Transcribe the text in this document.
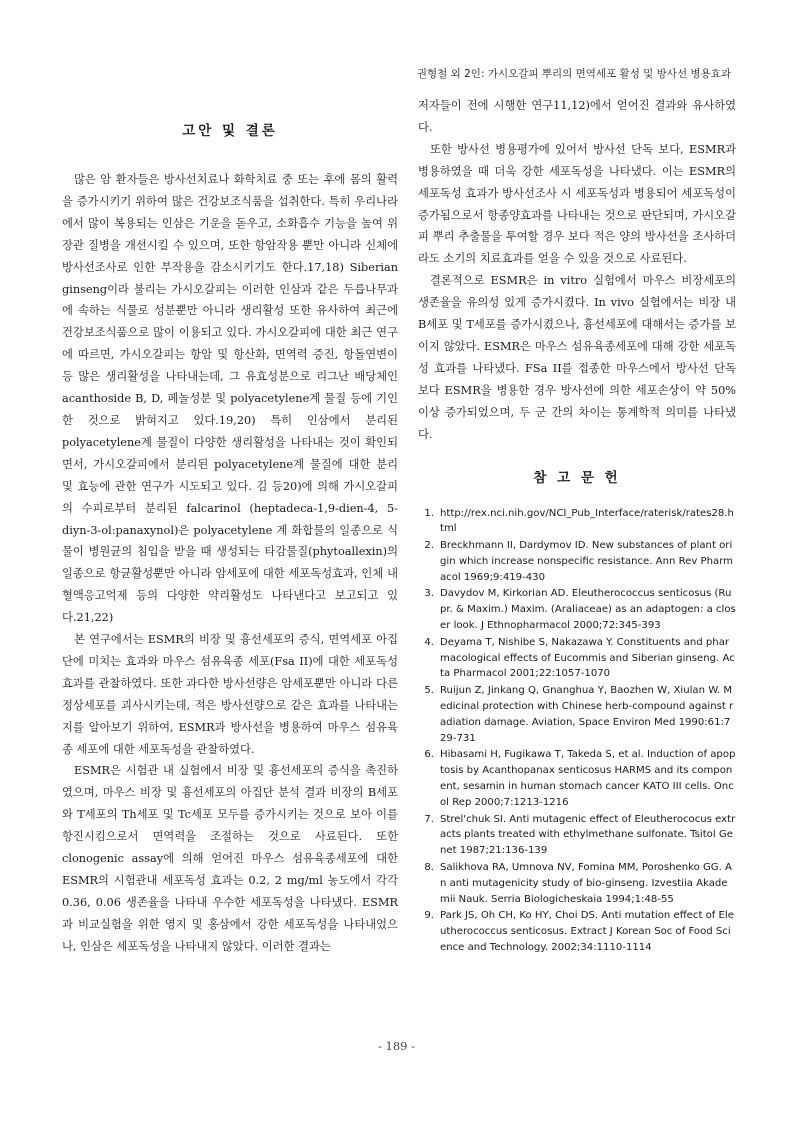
권형철 외 2인: 가시오갈피 뿌리의 면역세포 활성 및 방사선 병용효과
고안 및 결론

많은 암 환자들은 방사선치료나 화학치료 중 또는 후에 몸의 활력을 증가시키기 위하여 많은 건강보조식품을 섭취한다. 특히 우리나라에서 많이 복용되는 인삼은 기운을 돋우고, 소화흡수 기능을 높여 위장관 질병을 개선시킬 수 있으며, 또한 항암작용 뿐만 아니라 신체에 방사선조사로 인한 부작용을 감소시키기도 한다.17,18) Siberian ginseng이라 불리는 가시오갈피는 이러한 인삼과 같은 두릅나무과에 속하는 식물로 성분뿐만 아니라 생리활성 또한 유사하여 최근에 건강보조식품으로 많이 이용되고 있다. 가시오갈피에 대한 최근 연구에 따르면, 가시오갈피는 항암 및 항산화, 면역력 증진, 항돌연변이 등 많은 생리활성을 나타내는데, 그 유효성분으로 리그난 배당체인 acanthoside B, D, 페놀성분 및 polyacetylene계 물질 등에 기인한 것으로 밝혀지고 있다.19,20) 특히 인삼에서 분리된 polyacetylene계 물질이 다양한 생리활성을 나타내는 것이 확인되면서, 가시오갈피에서 분리된 polyacetylene계 물질에 대한 분리 및 효능에 관한 연구가 시도되고 있다. 김 등20)에 의해 가시오갈피의 수피로부터 분리된 falcarinol (heptadeca-1,9-dien-4, 5-diyn-3-ol:panaxynol)은 polyacetylene 계 화합물의 일종으로 식물이 병원균의 침입을 받을 때 생성되는 타감물질(phytoallexin)의 일종으로 항균활성뿐만 아니라 암세포에 대한 세포독성효과, 인체 내 혈액응고억제 등의 다양한 약리활성도 나타낸다고 보고되고 있다.21,22)

본 연구에서는 ESMR의 비장 및 흉선세포의 증식, 면역세포 아집단에 미치는 효과와 마우스 섬유육종 세포(Fsa II)에 대한 세포독성효과를 관찰하였다. 또한 과다한 방사선량은 암세포뿐만 아니라 다른 정상세포를 괴사시키는데, 적은 방사선량으로 같은 효과를 나타내는지를 알아보기 위하여, ESMR과 방사선을 병용하여 마우스 섬유육종 세포에 대한 세포독성을 관찰하였다.

ESMR은 시험관 내 실험에서 비장 및 흉선세포의 증식을 촉진하였으며, 마우스 비장 및 흉선세포의 아집단 분석 결과 비장의 B세포와 T세포의 Th세포 및 Tc세포 모두를 증가시키는 것으로 보아 이를 항진시킴으로서 면역력을 조절하는 것으로 사료된다. 또한 clonogenic assay에 의해 얻어진 마우스 섬유육종세포에 대한 ESMR의 시험관내 세포독성 효과는 0.2, 2 mg/ml 농도에서 각각 0.36, 0.06 생존율을 나타내 우수한 세포독성을 나타냈다. ESMR과 비교실험을 위한 영지 및 홍삼에서 강한 세포독성을 나타내었으나, 인삼은 세포독성을 나타내지 않았다. 이러한 결과는

저자들이 전에 시행한 연구11,12)에서 얻어진 결과와 유사하였다.

또한 방사선 병용평가에 있어서 방사선 단독 보다, ESMR과 병용하였을 때 더욱 강한 세포독성을 나타냈다. 이는 ESMR의 세포독성 효과가 방사선조사 시 세포독성과 병용되어 세포독성이 증가됨으로서 항종양효과를 나타내는 것으로 판단되며, 가시오갈피 뿌리 추출물을 투여할 경우 보다 적은 양의 방사선을 조사하더라도 소기의 치료효과를 얻을 수 있을 것으로 사료된다.

결론적으로 ESMR은 in vitro 실험에서 마우스 비장세포의 생존율을 유의성 있게 증가시켰다. In vivo 실험에서는 비장 내 B세포 및 T세포를 증가시켰으나, 흉선세포에 대해서는 증가를 보이지 않았다. ESMR은 마우스 섬유육종세포에 대해 강한 세포독성 효과를 나타냈다. FSa II를 접종한 마우스에서 방사선 단독 보다 ESMR을 병용한 경우 방사선에 의한 세포손상이 약 50% 이상 증가되었으며, 두 군 간의 차이는 통계학적 의미를 나타냈다.

참 고 문 헌
1. http://rex.nci.nih.gov/NCI_Pub_Interface/raterisk/rates28.html
2. Breckhmann II, Dardymov ID. New substances of plant origin which increase nonspecific resistance. Ann Rev Pharmacol 1969;9:419-430
3. Davydov M, Kirkorian AD. Eleutherococcus senticosus (Rupr. & Maxim.) Maxim. (Araliaceae) as an adaptogen: a closer look. J Ethnopharmacol 2000;72:345-393
4. Deyama T, Nishibe S, Nakazawa Y. Constituents and pharmacological effects of Eucommis and Siberian ginseng. Acta Pharmacol 2001;22:1057-1070
5. Ruijun Z, Jinkang Q, Gnanghua Y, Baozhen W, Xiulan W. Medicinal protection with Chinese herb-compound against radiation damage. Aviation, Space Environ Med 1990:61:729-731
6. Hibasami H, Fugikawa T, Takeda S, et al. Induction of apoptosis by Acanthopanax senticosus HARMS and its component, sesamin in human stomach cancer KATO III cells. Oncol Rep 2000;7:1213-1216
7. Strel'chuk SI. Anti mutagenic effect of Eleutherococus extracts plants treated with ethylmethane sulfonate. Tsitol Genet 1987;21:136-139
8. Salikhova RA, Umnova NV, Fomina MM, Poroshenko GG. An anti mutagenicity study of bio-ginseng. Izvestiia Akademii Nauk. Serria Biologicheskaia 1994;1:48-55
9. Park JS, Oh CH, Ko HY, Choi DS. Anti mutation effect of Eleutherococcus senticosus. Extract J Korean Soc of Food Science and Technology. 2002;34:1110-1114
- 189 -
